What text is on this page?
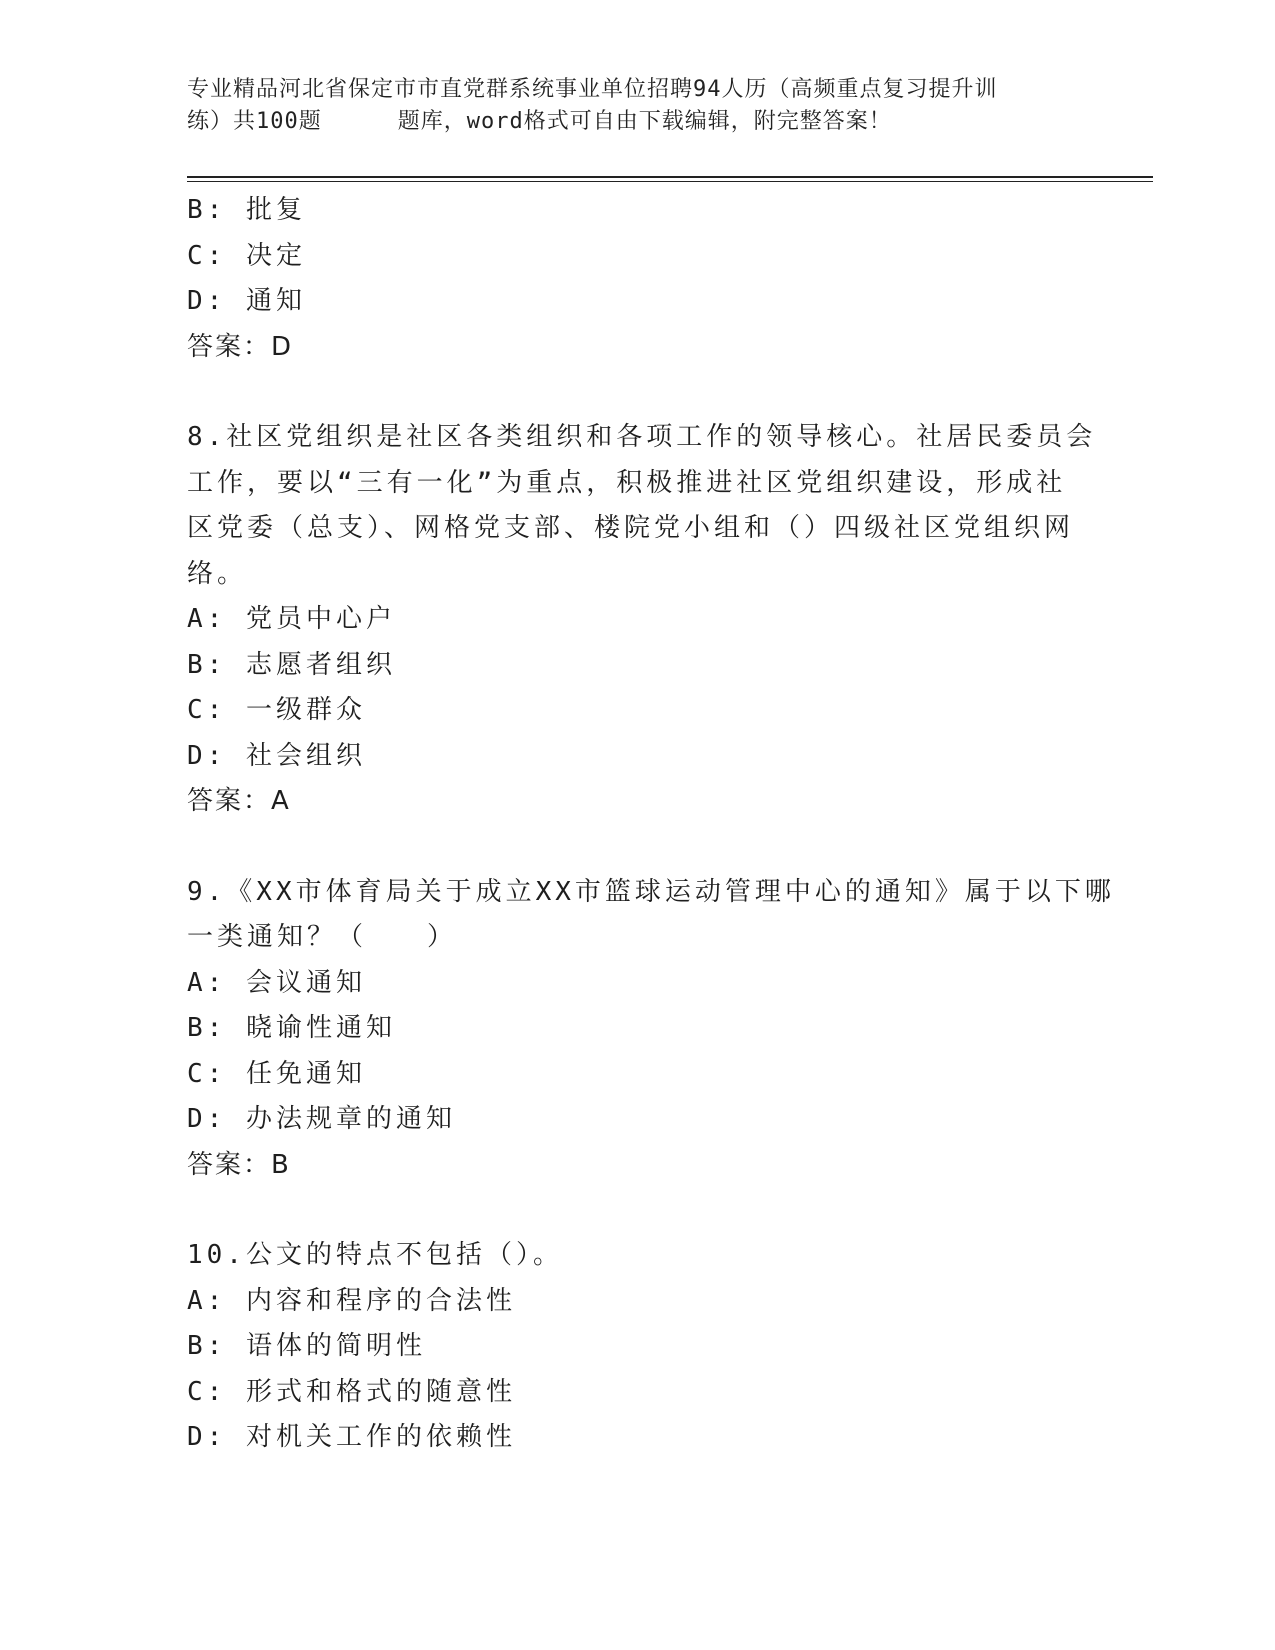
专业精品河北省保定市市直党群系统事业单位招聘94人历（高频重点复习提升训
练）共100题	题库，word格式可自由下载编辑，附完整答案！
B: 批复
C: 决定
D: 通知
答案：D
8.社区党组织是社区各类组织和各项工作的领导核心。社居民委员会
工作，要以“三有一化”为重点，积极推进社区党组织建设，形成社
区党委（总支）、网格党支部、楼院党小组和（）四级社区党组织网
络。
A: 党员中心户
B: 志愿者组织
C: 一级群众
D: 社会组织
答案：A
9.《XX市体育局关于成立XX市篮球运动管理中心的通知》属于以下哪
一类通知？（　　）
A: 会议通知
B: 晓谕性通知
C: 任免通知
D: 办法规章的通知
答案：B
10.公文的特点不包括（）。
A: 内容和程序的合法性
B: 语体的简明性
C: 形式和格式的随意性
D: 对机关工作的依赖性
